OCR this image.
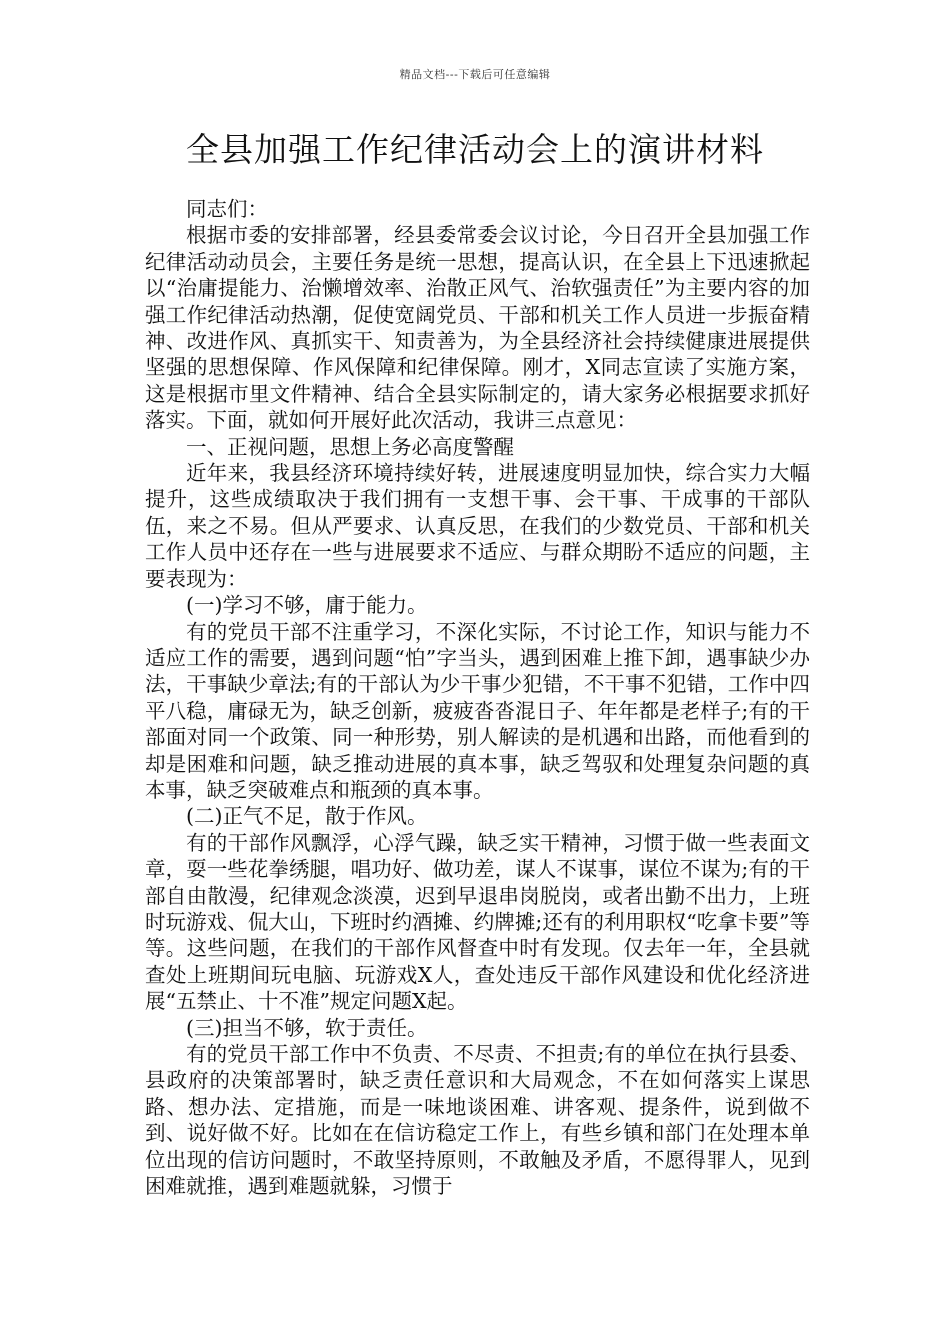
精品文档---下载后可任意编辑
全县加强工作纪律活动会上的演讲材料

同志们：

根据市委的安排部署，经县委常委会议讨论，今日召开全县加强工作纪律活动动员会，主要任务是统一思想，提高认识，在全县上下迅速掀起以“治庸提能力、治懒增效率、治散正风气、治软强责任”为主要内容的加强工作纪律活动热潮，促使宽阔党员、干部和机关工作人员进一步振奋精神、改进作风、真抓实干、知责善为，为全县经济社会持续健康进展提供坚强的思想保障、作风保障和纪律保障。刚才，X同志宣读了实施方案，这是根据市里文件精神、结合全县实际制定的，请大家务必根据要求抓好落实。下面，就如何开展好此次活动，我讲三点意见：

一、正视问题，思想上务必高度警醒

近年来，我县经济环境持续好转，进展速度明显加快，综合实力大幅提升，这些成绩取决于我们拥有一支想干事、会干事、干成事的干部队伍，来之不易。但从严要求、认真反思，在我们的少数党员、干部和机关工作人员中还存在一些与进展要求不适应、与群众期盼不适应的问题，主要表现为：

(一)学习不够，庸于能力。

有的党员干部不注重学习，不深化实际，不讨论工作，知识与能力不适应工作的需要，遇到问题“怕”字当头，遇到困难上推下卸，遇事缺少办法，干事缺少章法;有的干部认为少干事少犯错，不干事不犯错，工作中四平八稳，庸碌无为，缺乏创新，疲疲沓沓混日子、年年都是老样子;有的干部面对同一个政策、同一种形势，别人解读的是机遇和出路，而他看到的却是困难和问题，缺乏推动进展的真本事，缺乏驾驭和处理复杂问题的真本事，缺乏突破难点和瓶颈的真本事。

(二)正气不足，散于作风。

有的干部作风飘浮，心浮气躁，缺乏实干精神，习惯于做一些表面文章，耍一些花拳绣腿，唱功好、做功差，谋人不谋事，谋位不谋为;有的干部自由散漫，纪律观念淡漠，迟到早退串岗脱岗，或者出勤不出力，上班时玩游戏、侃大山，下班时约酒摊、约牌摊;还有的利用职权“吃拿卡要”等等。这些问题，在我们的干部作风督查中时有发现。仅去年一年，全县就查处上班期间玩电脑、玩游戏X人，查处违反干部作风建设和优化经济进展“五禁止、十不准”规定问题X起。

(三)担当不够，软于责任。

有的党员干部工作中不负责、不尽责、不担责;有的单位在执行县委、县政府的决策部署时，缺乏责任意识和大局观念，不在如何落实上谋思路、想办法、定措施，而是一味地谈困难、讲客观、提条件，说到做不到、说好做不好。比如在在信访稳定工作上，有些乡镇和部门在处理本单位出现的信访问题时，不敢坚持原则，不敢触及矛盾，不愿得罪人，见到困难就推，遇到难题就躲，习惯于
